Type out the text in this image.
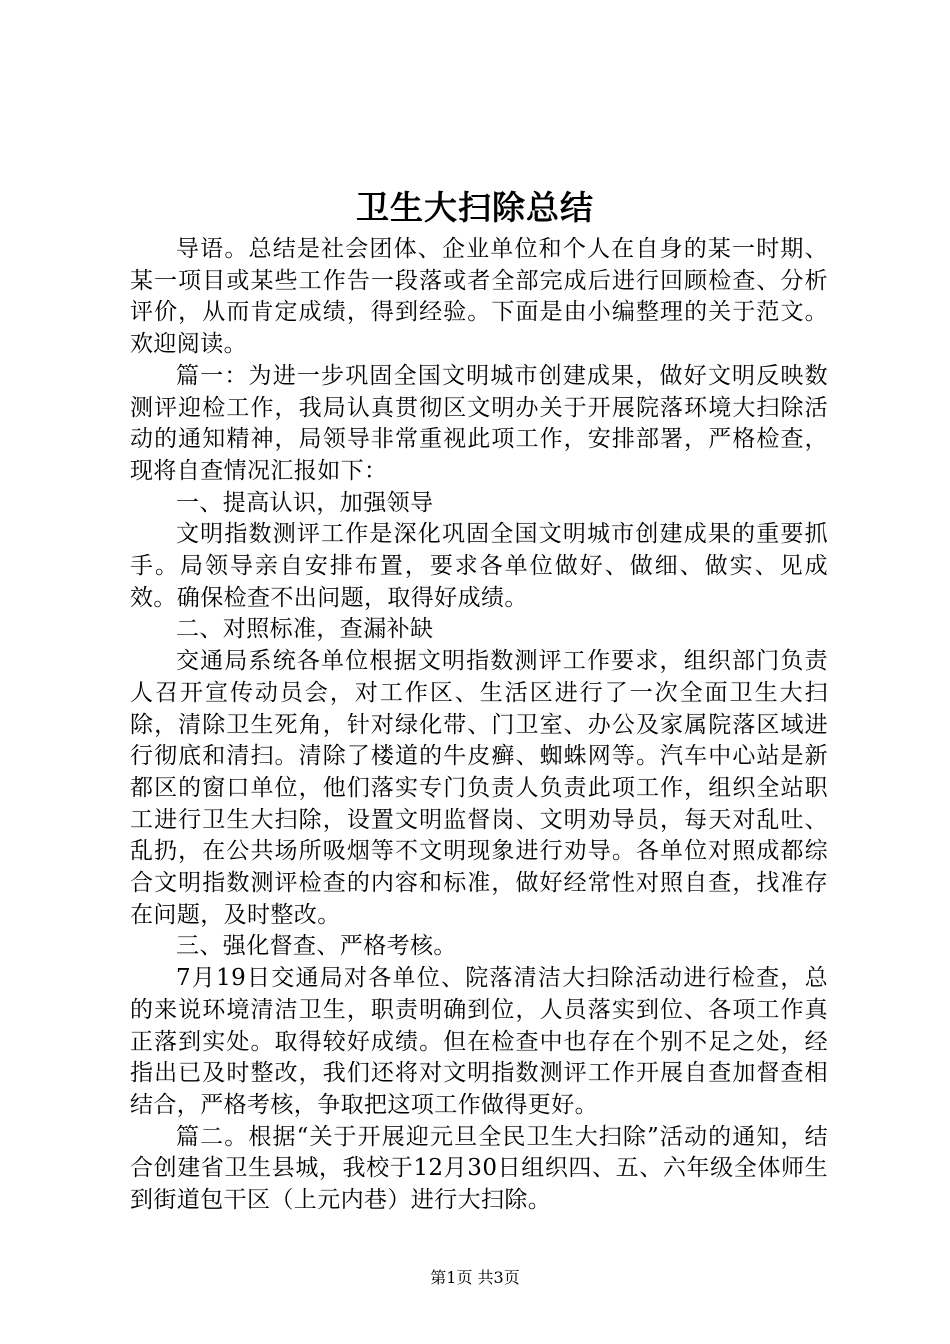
卫生大扫除总结

导语。总结是社会团体、企业单位和个人在自身的某一时期、某一项目或某些工作告一段落或者全部完成后进行回顾检查、分析评价，从而肯定成绩，得到经验。下面是由小编整理的关于范文。欢迎阅读。

篇一：为进一步巩固全国文明城市创建成果，做好文明反映数测评迎检工作，我局认真贯彻区文明办关于开展院落环境大扫除活动的通知精神，局领导非常重视此项工作，安排部署，严格检查，现将自查情况汇报如下：

一、提高认识，加强领导

文明指数测评工作是深化巩固全国文明城市创建成果的重要抓手。局领导亲自安排布置，要求各单位做好、做细、做实、见成效。确保检查不出问题，取得好成绩。

二、对照标准，查漏补缺

交通局系统各单位根据文明指数测评工作要求，组织部门负责人召开宣传动员会，对工作区、生活区进行了一次全面卫生大扫除，清除卫生死角，针对绿化带、门卫室、办公及家属院落区域进行彻底和清扫。清除了楼道的牛皮癣、蜘蛛网等。汽车中心站是新都区的窗口单位，他们落实专门负责人负责此项工作，组织全站职工进行卫生大扫除，设置文明监督岗、文明劝导员，每天对乱吐、乱扔，在公共场所吸烟等不文明现象进行劝导。各单位对照成都综合文明指数测评检查的内容和标准，做好经常性对照自查，找准存在问题，及时整改。

三、强化督查、严格考核。

7月19日交通局对各单位、院落清洁大扫除活动进行检查，总的来说环境清洁卫生，职责明确到位，人员落实到位、各项工作真正落到实处。取得较好成绩。但在检查中也存在个别不足之处，经指出已及时整改，我们还将对文明指数测评工作开展自查加督查相结合，严格考核，争取把这项工作做得更好。

篇二。根据“关于开展迎元旦全民卫生大扫除”活动的通知，结合创建省卫生县城，我校于12月30日组织四、五、六年级全体师生到街道包干区（上元内巷）进行大扫除。

第1页 共3页
